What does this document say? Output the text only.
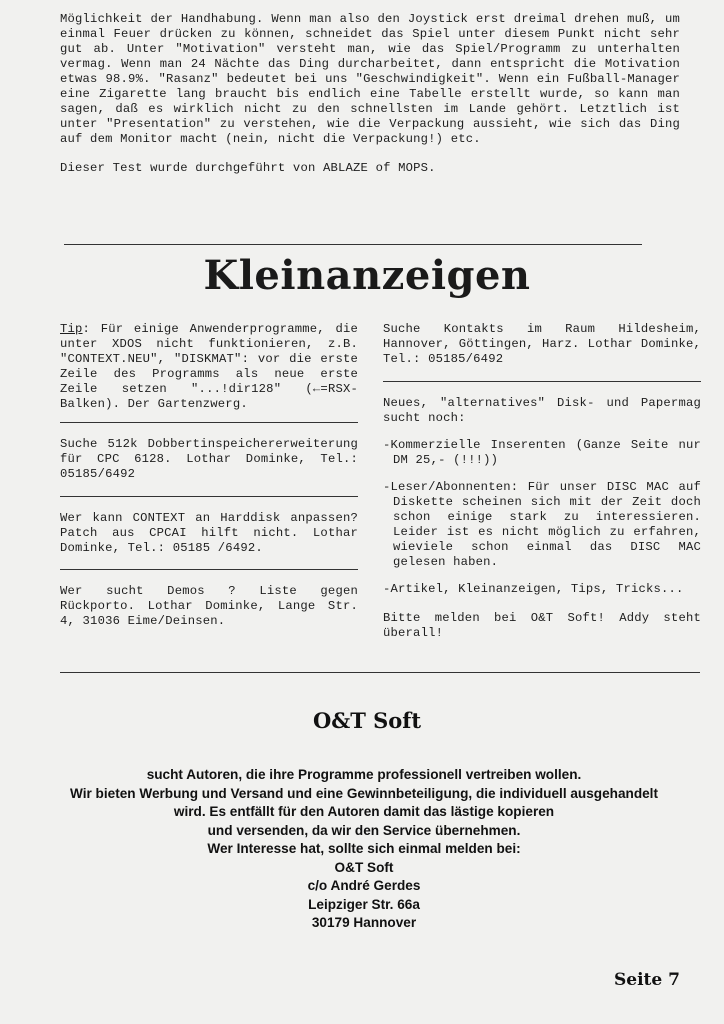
Möglichkeit der Handhabung. Wenn man also den Joystick erst dreimal drehen muß, um einmal Feuer drücken zu können, schneidet das Spiel unter diesem Punkt nicht sehr gut ab. Unter "Motivation" versteht man, wie das Spiel/Programm zu unterhalten vermag. Wenn man 24 Nächte das Ding durcharbeitet, dann entspricht die Motivation etwas 98.9%. "Rasanz" bedeutet bei uns "Geschwindigkeit". Wenn ein Fußball-Manager eine Zigarette lang braucht bis endlich eine Tabelle erstellt wurde, so kann man sagen, daß es wirklich nicht zu den schnellsten im Lande gehört. Letztlich ist unter "Presentation" zu verstehen, wie die Verpackung aussieht, wie sich das Ding auf dem Monitor macht (nein, nicht die Verpackung!) etc.

Dieser Test wurde durchgeführt von ABLAZE of MOPS.

Kleinanzeigen

Tip: Für einige Anwenderprogramme, die unter XDOS nicht funktionieren, z.B. "CONTEXT.NEU", "DISKMAT": vor die erste Zeile des Programms als neue erste Zeile setzen "...!dir128" (←=RSX-Balken). Der Gartenzwerg.

Suche 512k Dobbertinspeichererweiterung für CPC 6128. Lothar Dominke, Tel.: 05185/6492

Wer kann CONTEXT an Harddisk anpassen? Patch aus CPCAI hilft nicht. Lothar Dominke, Tel.: 05185 /6492.

Wer sucht Demos ? Liste gegen Rückporto. Lothar Dominke, Lange Str. 4, 31036 Eime/Deinsen.

Suche Kontakts im Raum Hildesheim, Hannover, Göttingen, Harz. Lothar Dominke, Tel.: 05185/6492

Neues, "alternatives" Disk- und Papermag sucht noch:

-Kommerzielle Inserenten (Ganze Seite nur DM 25,- (!!!))

-Leser/Abonnenten: Für unser DISC MAC auf Diskette scheinen sich mit der Zeit doch schon einige stark zu interessieren. Leider ist es nicht möglich zu erfahren, wieviele schon einmal das DISC MAC gelesen haben.

-Artikel, Kleinanzeigen, Tips, Tricks...

Bitte melden bei O&T Soft! Addy steht überall!

O&T Soft

sucht Autoren, die ihre Programme professionell vertreiben wollen.

Wir bieten Werbung und Versand und eine Gewinnbeteiligung, die individuell ausgehandelt

wird. Es entfällt für den Autoren damit das lästige kopieren

und versenden, da wir den Service übernehmen.

Wer Interesse hat, sollte sich einmal melden bei:

O&T Soft

c/o André Gerdes

Leipziger Str. 66a

30179 Hannover

Seite 7
